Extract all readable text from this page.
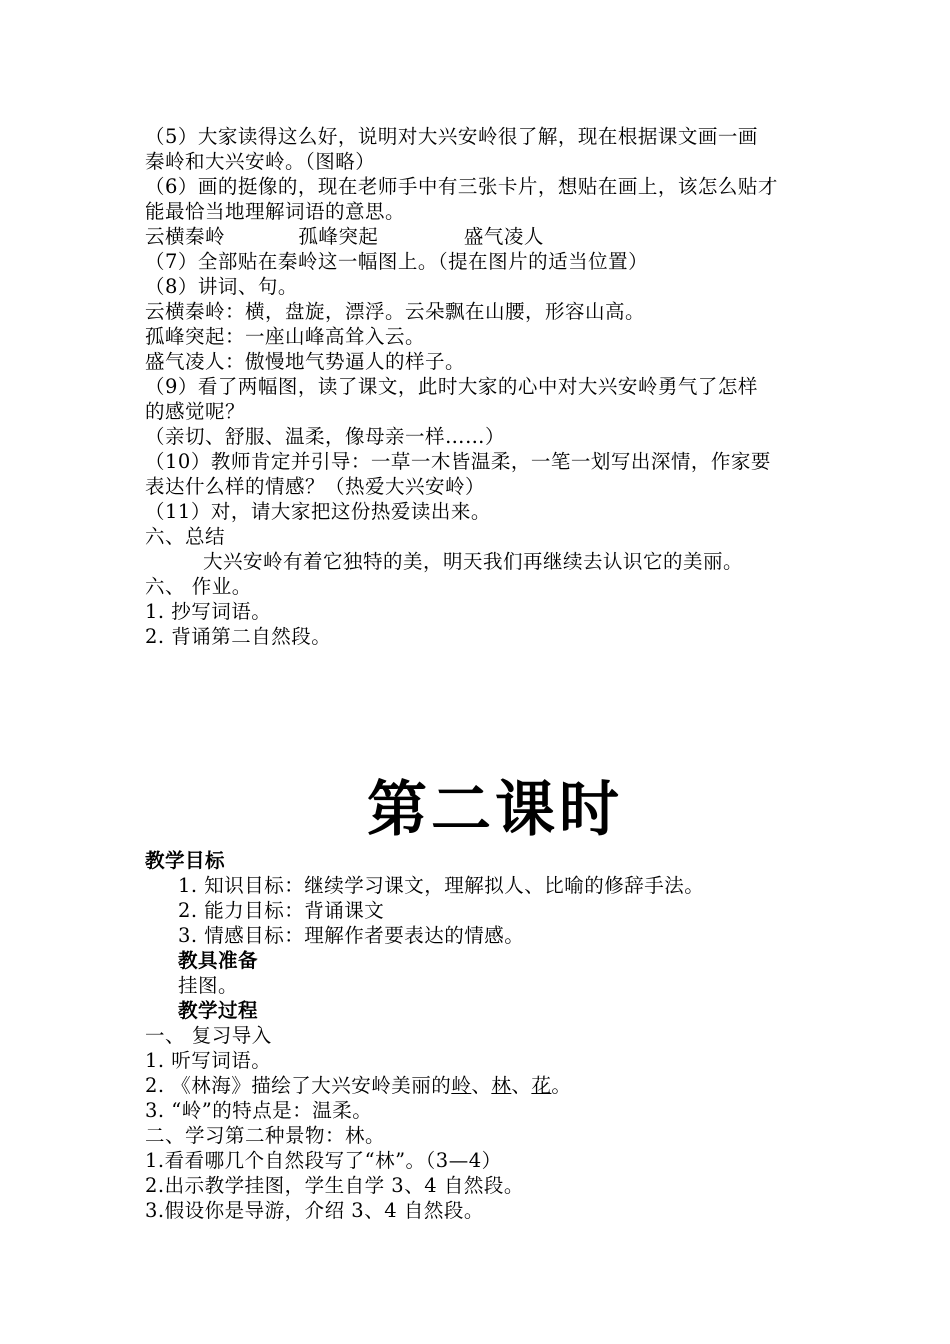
（5）大家读得这么好，说明对大兴安岭很了解，现在根据课文画一画
秦岭和大兴安岭。（图略）
（6）画的挺像的，现在老师手中有三张卡片，想贴在画上，该怎么贴才
能最恰当地理解词语的意思。
云横秦岭	孤峰突起	盛气凌人
（7）全部贴在秦岭这一幅图上。（提在图片的适当位置）
（8）讲词、句。
云横秦岭：横，盘旋，漂浮。云朵飘在山腰，形容山高。
孤峰突起：一座山峰高耸入云。
盛气凌人：傲慢地气势逼人的样子。
（9）看了两幅图，读了课文，此时大家的心中对大兴安岭勇气了怎样
的感觉呢？
（亲切、舒服、温柔，像母亲一样……）
（10）教师肯定并引导：一草一木皆温柔，一笔一划写出深情，作家要
表达什么样的情感？（热爱大兴安岭）
（11）对，请大家把这份热爱读出来。
六、总结
大兴安岭有着它独特的美，明天我们再继续去认识它的美丽。
六、 作业。
1. 抄写词语。
2. 背诵第二自然段。
第二课时
教学目标
1. 知识目标：继续学习课文，理解拟人、比喻的修辞手法。
2. 能力目标：背诵课文
3. 情感目标：理解作者要表达的情感。
教具准备
挂图。
教学过程
一、 复习导入
1. 听写词语。
2. 《林海》描绘了大兴安岭美丽的岭、林、花。
3. “岭”的特点是：温柔。
二、学习第二种景物：林。
1.看看哪几个自然段写了“林”。（3—4）
2.出示教学挂图，学生自学 3、4 自然段。
3.假设你是导游，介绍 3、4 自然段。
